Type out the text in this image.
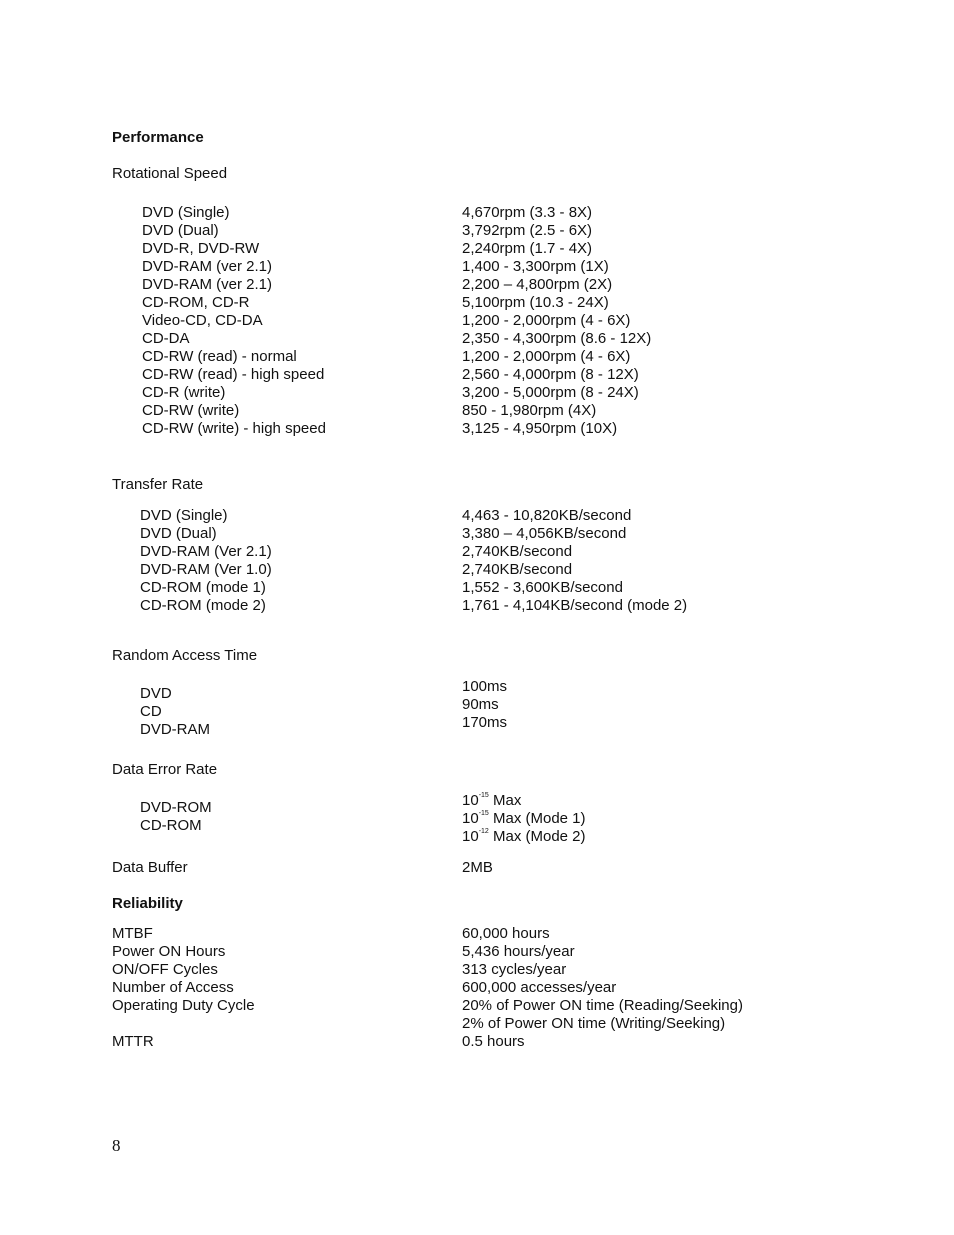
Performance
Rotational Speed
DVD (Single)
DVD (Dual)
DVD-R, DVD-RW
DVD-RAM (ver 2.1)
DVD-RAM (ver 2.1)
CD-ROM, CD-R
Video-CD, CD-DA
CD-DA
CD-RW (read) - normal
CD-RW (read) - high speed
CD-R (write)
CD-RW (write)
CD-RW (write) - high speed
4,670rpm (3.3 - 8X)
3,792rpm (2.5 - 6X)
2,240rpm (1.7 - 4X)
1,400 - 3,300rpm (1X)
2,200 – 4,800rpm (2X)
5,100rpm (10.3 - 24X)
1,200 - 2,000rpm (4 - 6X)
2,350 - 4,300rpm (8.6 - 12X)
1,200 - 2,000rpm (4 - 6X)
2,560 - 4,000rpm (8 - 12X)
3,200 - 5,000rpm (8 - 24X)
850 - 1,980rpm (4X)
3,125 - 4,950rpm (10X)
Transfer Rate
DVD (Single)
DVD (Dual)
DVD-RAM (Ver 2.1)
DVD-RAM (Ver 1.0)
CD-ROM (mode 1)
CD-ROM (mode 2)
4,463 - 10,820KB/second
3,380 – 4,056KB/second
2,740KB/second
2,740KB/second
1,552 - 3,600KB/second
1,761 - 4,104KB/second (mode 2)
Random Access Time
DVD
CD
DVD-RAM
100ms
90ms
170ms
Data Error Rate
DVD-ROM
CD-ROM
$10^{-15}$ Max
$10^{-15}$ Max (Mode 1)
$10^{-12}$ Max (Mode 2)
Data Buffer	2MB
Reliability
MTBF
Power ON Hours
ON/OFF Cycles
Number of Access
Operating Duty Cycle
MTTR
60,000 hours
5,436 hours/year
313 cycles/year
600,000 accesses/year
20% of Power ON time (Reading/Seeking)
2% of Power ON time (Writing/Seeking)
0.5 hours
8
